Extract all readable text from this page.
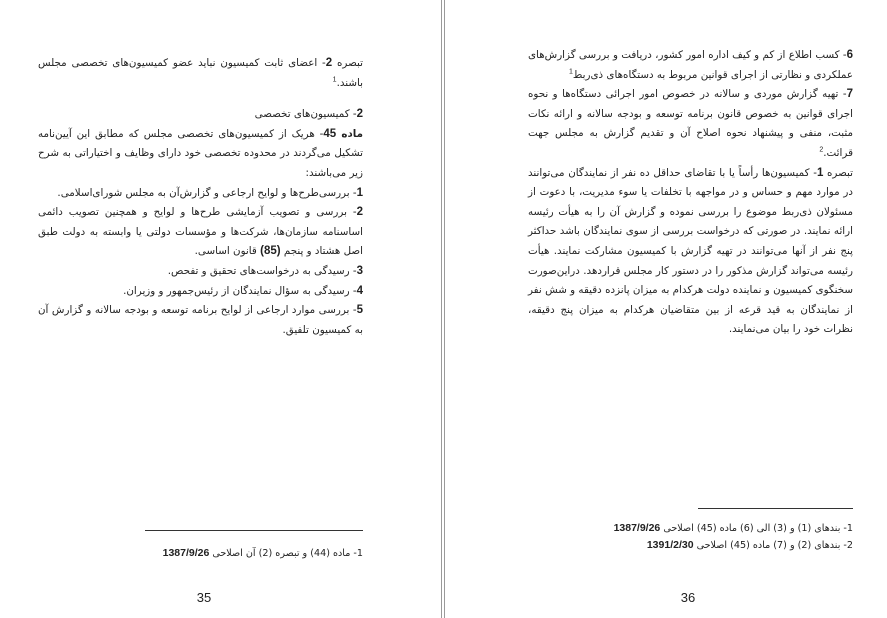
تبصره 2- اعضای ثابت کمیسیون نباید عضو کمیسیون‌های تخصصی مجلس باشند.$^1$

2- کمیسیون‌های تخصصی

ماده 45- هریک از کمیسیون‌های تخصصی مجلس که مطابق این آیین‌نامه تشکیل می‌گردند در محدوده تخصصی خود دارای وظایف و اختیاراتی به شرح زیر می‌باشند:

1- بررسی‌طرح‌ها و لوایح ارجاعی و گزارش‌آن به مجلس شورای‌اسلامی.

2- بررسی و تصویب آزمایشی طرح‌ها و لوایح و همچنین تصویب دائمی اساسنامه سازمان‌ها، شرکت‌ها و مؤسسات دولتی یا وابسته به دولت طبق اصل هشتاد و پنجم (85) قانون اساسی.

3- رسیدگی به درخواست‌های تحقیق و تفحص.

4- رسیدگی به سؤال نمایندگان از رئیس‌جمهور و وزیران.

5- بررسی موارد ارجاعی از لوایح برنامه توسعه و بودجه سالانه و گزارش آن به کمیسیون تلفیق.

1- ماده (44) و تبصره (2) آن اصلاحی 1387/9/26
35

6- کسب اطلاع از کم و کیف اداره امور کشور، دریافت و بررسی گزارش‌های عملکردی و نظارتی از اجرای قوانین مربوط به دستگاه‌های ذی‌ربط$^1$

7- تهیه گزارش موردی و سالانه در خصوص امور اجرائی دستگاه‌ها و نحوه اجرای قوانین به خصوص قانون برنامه توسعه و بودجه سالانه و ارائه نکات مثبت، منفی و پیشنهاد نحوه اصلاح آن و تقدیم گزارش به مجلس جهت قرائت.$^2$

تبصره 1- کمیسیون‌ها رأساً یا با تقاضای حداقل ده نفر از نمایندگان می‌توانند در موارد مهم و حساس و در مواجهه با تخلفات یا سوء مدیریت، با دعوت از مسئولان ذی‌ربط موضوع را بررسی نموده و گزارش آن را به هیأت رئیسه ارائه نمایند. در صورتی که درخواست بررسی از سوی نمایندگان باشد حداکثر پنج نفر از آنها می‌توانند در تهیه گزارش با کمیسیون مشارکت نمایند. هیأت رئیسه می‌تواند گزارش مذکور را در دستور کار مجلس قراردهد. دراین‌صورت سخنگوی کمیسیون و نماینده دولت هرکدام به میزان پانزده دقیقه و شش نفر از نمایندگان به قید قرعه از بین متقاضیان هرکدام به میزان پنج دقیقه، نظرات خود را بیان می‌نمایند.

1- بندهای (1) و (3) الی (6) ماده (45) اصلاحی 1387/9/26
2- بندهای (2) و (7) ماده (45) اصلاحی 1391/2/30
36
